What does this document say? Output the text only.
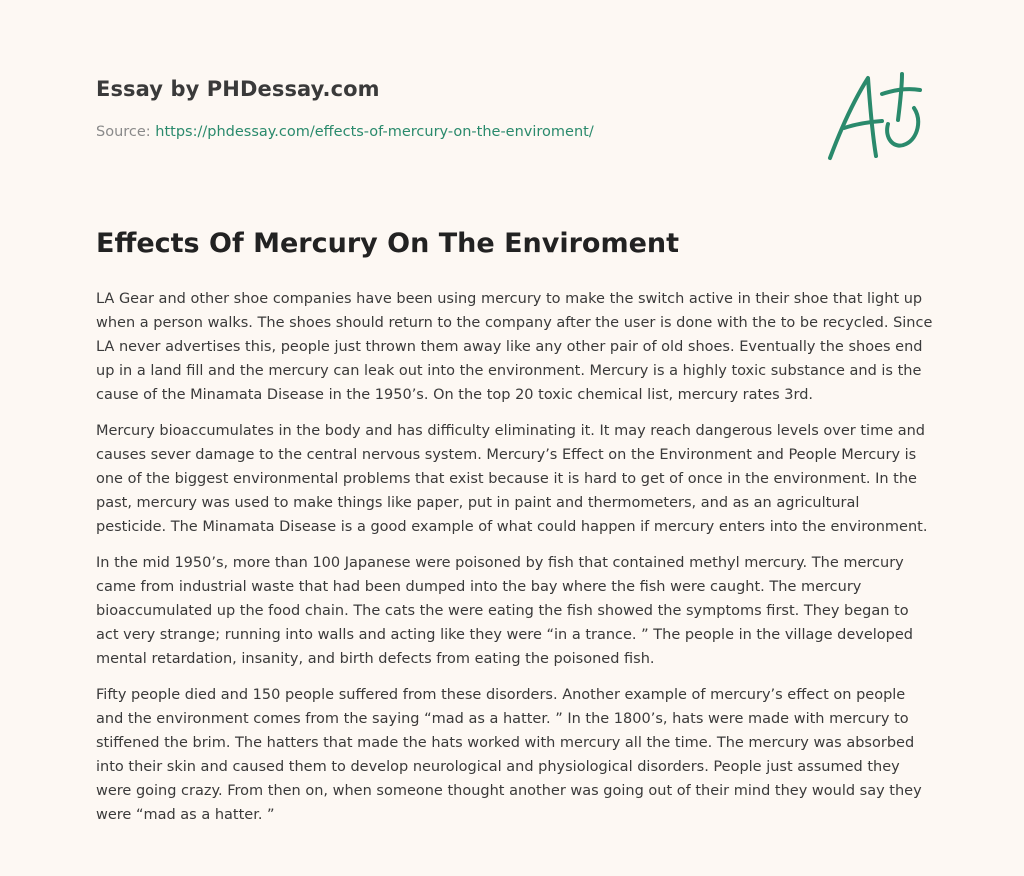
Essay by PHDessay.com
Source: https://phdessay.com/effects-of-mercury-on-the-enviroment/
Effects Of Mercury On The Enviroment

LA Gear and other shoe companies have been using mercury to make the switch active in their shoe that light up when a person walks. The shoes should return to the company after the user is done with the to be recycled. Since LA never advertises this, people just thrown them away like any other pair of old shoes. Eventually the shoes end up in a land fill and the mercury can leak out into the environment. Mercury is a highly toxic substance and is the cause of the Minamata Disease in the 1950’s. On the top 20 toxic chemical list, mercury rates 3rd.

Mercury bioaccumulates in the body and has difficulty eliminating it. It may reach dangerous levels over time and causes sever damage to the central nervous system. Mercury’s Effect on the Environment and People Mercury is one of the biggest environmental problems that exist because it is hard to get of once in the environment. In the past, mercury was used to make things like paper, put in paint and thermometers, and as an agricultural pesticide. The Minamata Disease is a good example of what could happen if mercury enters into the environment.

In the mid 1950’s, more than 100 Japanese were poisoned by fish that contained methyl mercury. The mercury came from industrial waste that had been dumped into the bay where the fish were caught. The mercury bioaccumulated up the food chain. The cats the were eating the fish showed the symptoms first. They began to act very strange; running into walls and acting like they were “in a trance. ” The people in the village developed mental retardation, insanity, and birth defects from eating the poisoned fish.

Fifty people died and 150 people suffered from these disorders. Another example of mercury’s effect on people and the environment comes from the saying “mad as a hatter. ” In the 1800’s, hats were made with mercury to stiffened the brim. The hatters that made the hats worked with mercury all the time. The mercury was absorbed into their skin and caused them to develop neurological and physiological disorders. People just assumed they were going crazy. From then on, when someone thought another was going out of their mind they would say they were “mad as a hatter. ”
